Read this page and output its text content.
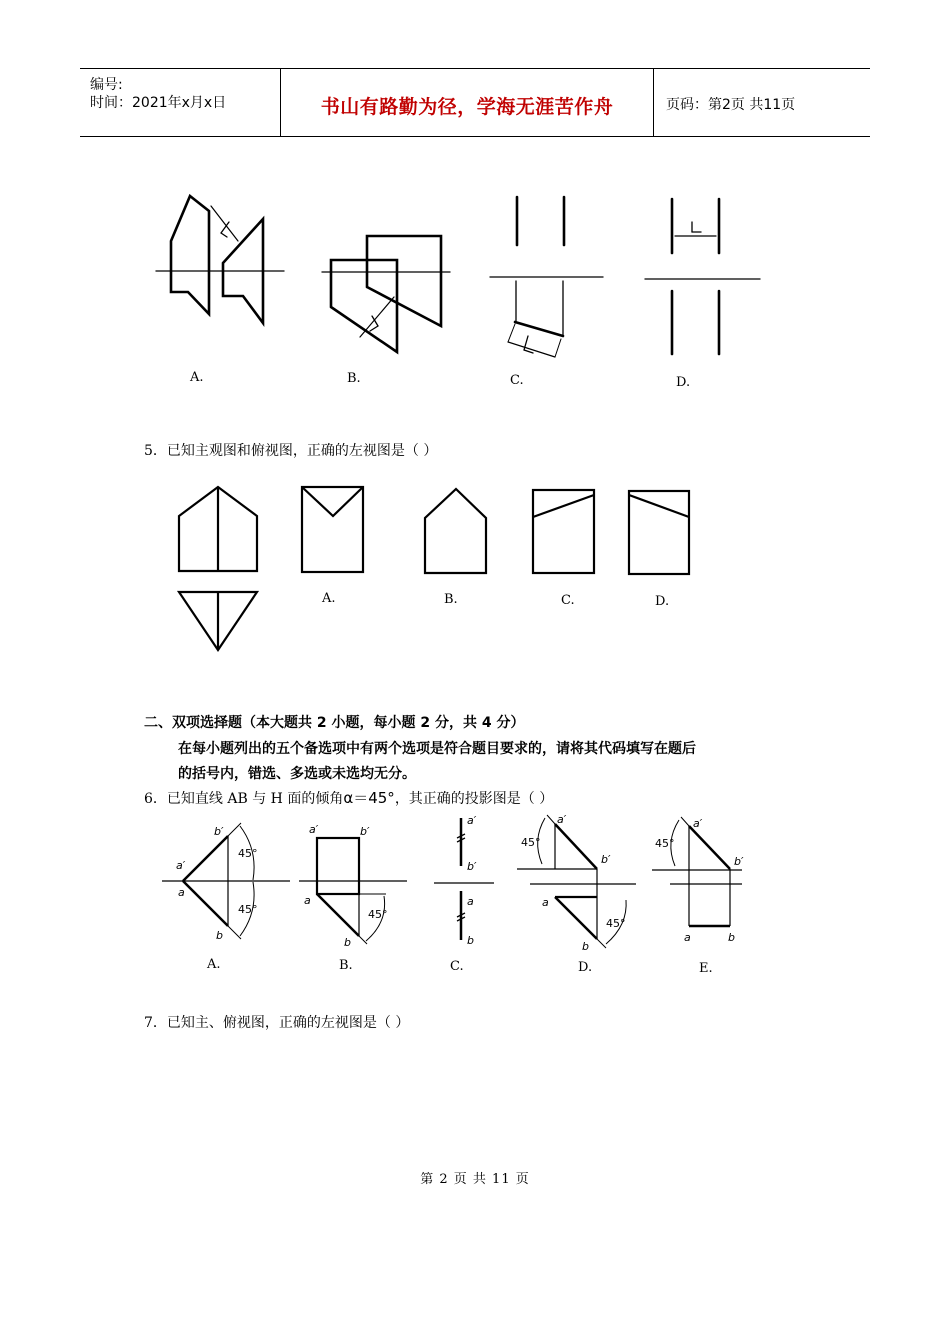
编号:
时间：2021年x月x日	书山有路勤为径，学海无涯苦作舟	页码：第2页 共11页
A.	B.	C.	D.
5．已知主观图和俯视图，正确的左视图是（ ）
A.	B.	C.	D.
二、双项选择题（本大题共 2 小题，每小题 2 分，共 4 分）
在每小题列出的五个备选项中有两个选项是符合题目要求的，请将其代码填写在题后
的括号内，错选、多选或未选均无分。
6．已知直线 AB 与 H 面的倾角α＝45°，其正确的投影图是（ ）
b′
a′
a
b
45°
45°
a′	b′
a
b
45°
a′
b′
a
b
a′
45°
b′
a
45°
b
a′
45°
b′
a	b
A.	B.	C.	D.	E.
7．已知主、俯视图，正确的左视图是（ ）
第 2 页 共 11 页
